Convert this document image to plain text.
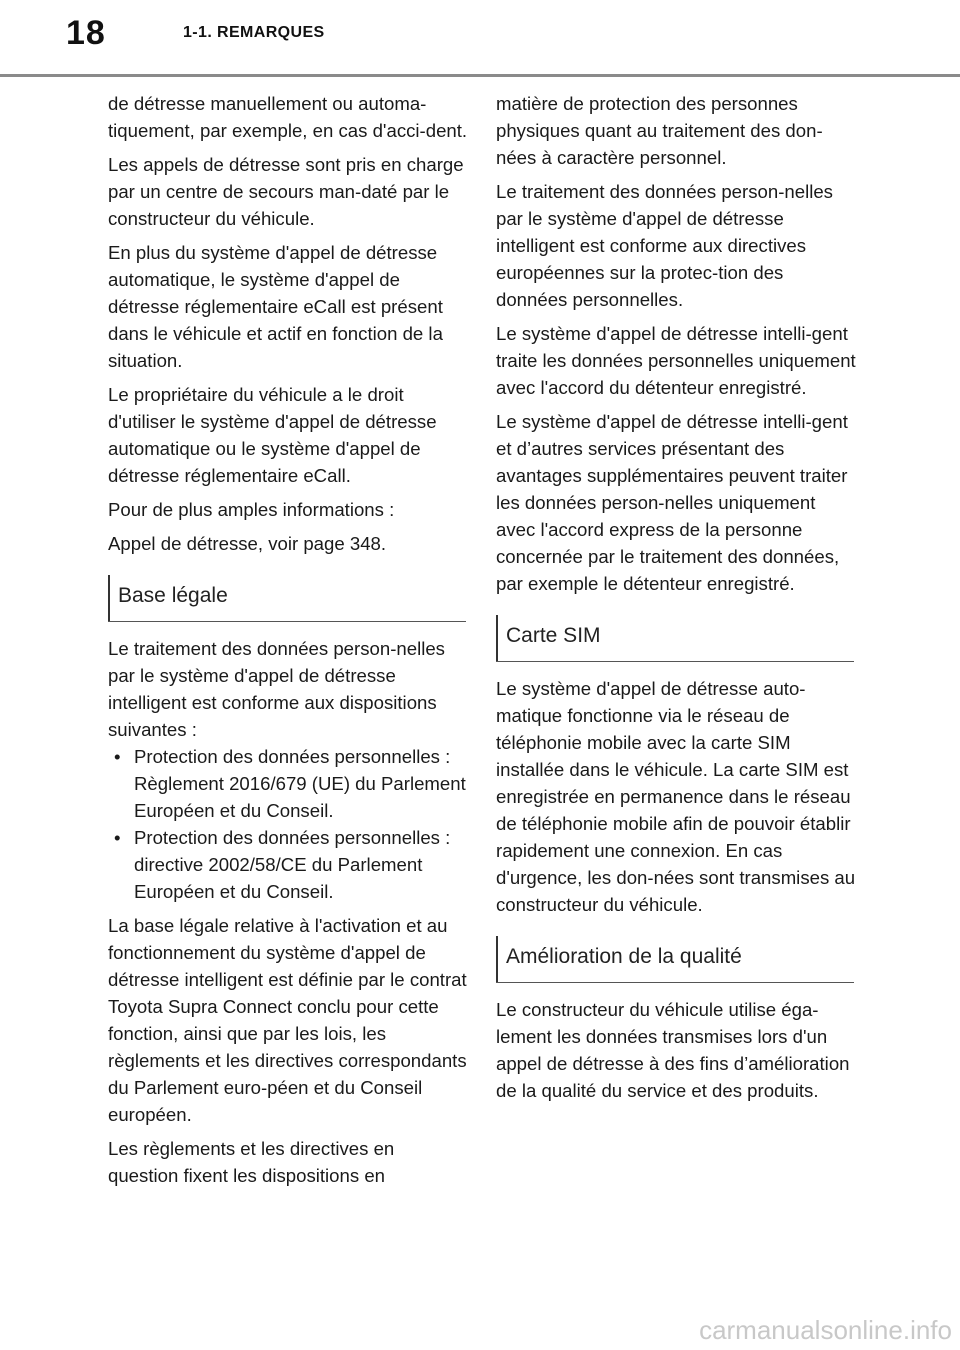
18	1-1. REMARQUES

de détresse manuellement ou automa-tiquement, par exemple, en cas d'acci-dent.

Les appels de détresse sont pris en charge par un centre de secours man-daté par le constructeur du véhicule.

En plus du système d'appel de détresse automatique, le système d'appel de détresse réglementaire eCall est présent dans le véhicule et actif en fonction de la situation.

Le propriétaire du véhicule a le droit d'utiliser le système d'appel de détresse automatique ou le système d'appel de détresse réglementaire eCall.

Pour de plus amples informations :

Appel de détresse, voir page 348.

Base légale

Le traitement des données person-nelles par le système d'appel de détresse intelligent est conforme aux dispositions suivantes :

• Protection des données personnelles : Règlement 2016/679 (UE) du Parlement Européen et du Conseil.
• Protection des données personnelles : directive 2002/58/CE du Parlement Européen et du Conseil.

La base légale relative à l'activation et au fonctionnement du système d'appel de détresse intelligent est définie par le contrat Toyota Supra Connect conclu pour cette fonction, ainsi que par les lois, les règlements et les directives correspondants du Parlement euro-péen et du Conseil européen.

Les règlements et les directives en question fixent les dispositions en

matière de protection des personnes physiques quant au traitement des don-nées à caractère personnel.

Le traitement des données person-nelles par le système d'appel de détresse intelligent est conforme aux directives européennes sur la protec-tion des données personnelles.

Le système d'appel de détresse intelli-gent traite les données personnelles uniquement avec l'accord du détenteur enregistré.

Le système d'appel de détresse intelli-gent et d’autres services présentant des avantages supplémentaires peuvent traiter les données person-nelles uniquement avec l'accord express de la personne concernée par le traitement des données, par exemple le détenteur enregistré.

Carte SIM

Le système d'appel de détresse auto-matique fonctionne via le réseau de téléphonie mobile avec la carte SIM installée dans le véhicule. La carte SIM est enregistrée en permanence dans le réseau de téléphonie mobile afin de pouvoir établir rapidement une connexion. En cas d'urgence, les don-nées sont transmises au constructeur du véhicule.

Amélioration de la qualité

Le constructeur du véhicule utilise éga-lement les données transmises lors d'un appel de détresse à des fins d’amélioration de la qualité du service et des produits.

carmanualsonline.info
